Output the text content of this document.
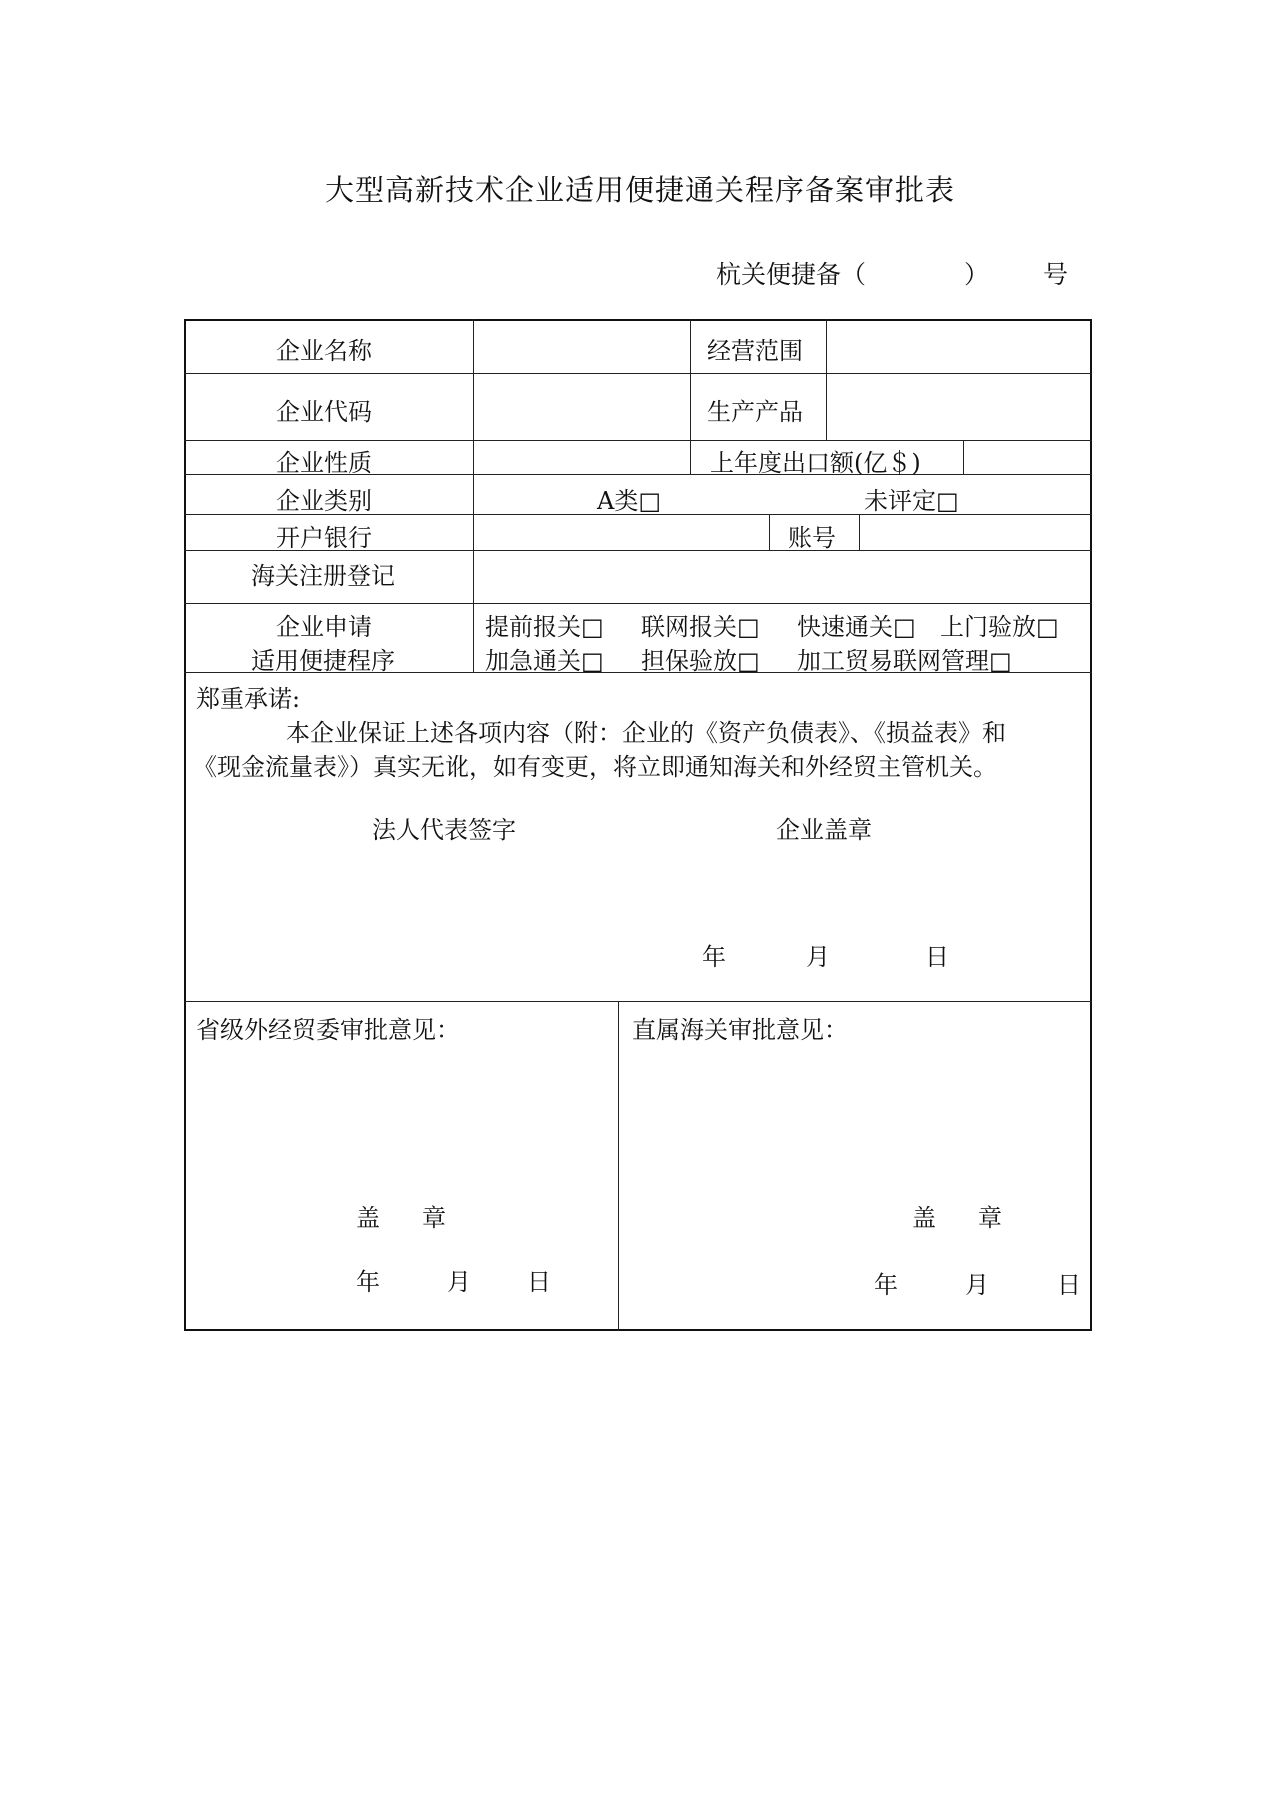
大型高新技术企业适用便捷通关程序备案审批表
杭关便捷备（	） 号
企业名称	经营范围
企业代码	生产产品
企业性质	上年度出口额(亿＄)
企业类别	A类□	未评定□
开户银行	账号
海关注册登记
企业申请
适用便捷程序
提前报关□ 联网报关□ 快速通关□ 上门验放□
加急通关□ 担保验放□ 加工贸易联网管理□
郑重承诺:
本企业保证上述各项内容（附：企业的《资产负债表》、《损益表》和
《现金流量表》）真实无讹，如有变更，将立即通知海关和外经贸主管机关。
法人代表签字	企业盖章
年	月	日
省级外经贸委审批意见：
盖 章
年	月 日
直属海关审批意见：
盖 章
年	月	日
